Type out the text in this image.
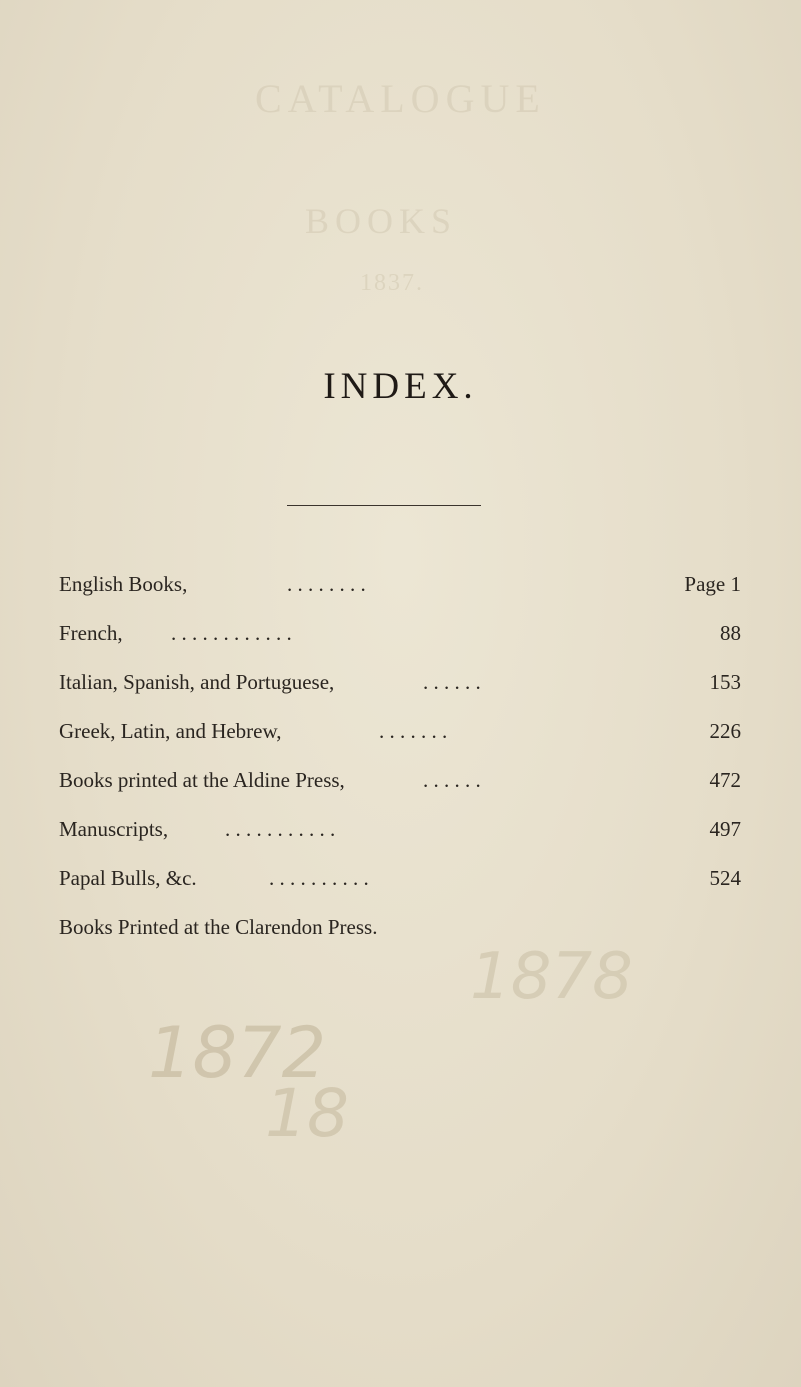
CATALOGUE
BOOKS
1837.
INDEX.
English Books,	. . . . . . . .	Page 1
French, . . . . . . . . . . . .	88
Italian, Spanish, and Portuguese,	. . . . . .	153
Greek, Latin, and Hebrew,	. . . . . . .	226
Books printed at the Aldine Press,	. . . . . .	472
Manuscripts,	. . . . . . . . . . .	497
Papal Bulls, &c.	. . . . . . . . . .	524
Books Printed at the Clarendon Press.
1878
1872
18
